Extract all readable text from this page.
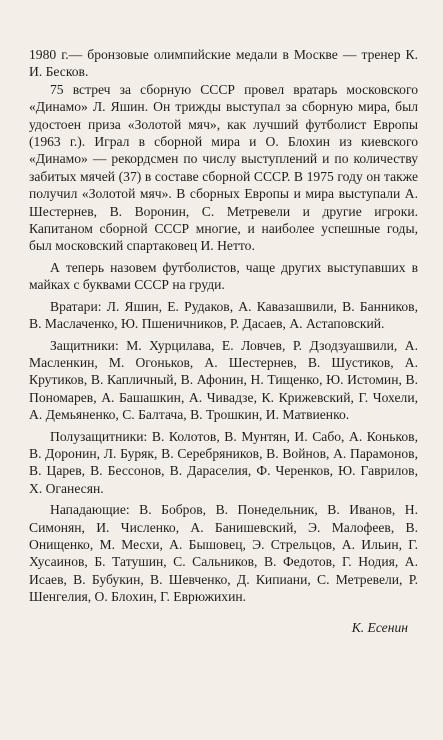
1980 г.— бронзовые олимпийские медали в Москве — тренер К. И. Бесков.

75 встреч за сборную СССР провел вратарь московского «Динамо» Л. Яшин. Он трижды выступал за сборную мира, был удостоен приза «Золотой мяч», как лучший футболист Европы (1963 г.). Играл в сборной мира и О. Блохин из киевского «Динамо» — рекордсмен по числу выступлений и по количеству забитых мячей (37) в составе сборной СССР. В 1975 году он также получил «Золотой мяч». В сборных Европы и мира выступали А. Шестернев, В. Воронин, С. Метревели и другие игроки. Капитаном сборной СССР многие, и наиболее успешные годы, был московский спартаковец И. Нетто.

А теперь назовем футболистов, чаще других выступавших в майках с буквами СССР на груди.

Вратари: Л. Яшин, Е. Рудаков, А. Кавазашвили, В. Банников, В. Маслаченко, Ю. Пшеничников, Р. Дасаев, А. Астаповский.

Защитники: М. Хурцилава, Е. Ловчев, Р. Дзодзуашвили, А. Масленкин, М. Огоньков, А. Шестернев, В. Шустиков, А. Крутиков, В. Капличный, В. Афонин, Н. Тищенко, Ю. Истомин, В. Пономарев, А. Башашкин, А. Чивадзе, К. Крижевский, Г. Чохели, А. Демьяненко, С. Балтача, В. Трошкин, И. Матвиенко.

Полузащитники: В. Колотов, В. Мунтян, И. Сабо, А. Коньков, В. Доронин, Л. Буряк, В. Серебряников, В. Войнов, А. Парамонов, В. Царев, В. Бессонов, В. Дараселия, Ф. Черенков, Ю. Гаврилов, Х. Оганесян.

Нападающие: В. Бобров, В. Понедельник, В. Иванов, Н. Симонян, И. Численко, А. Банишевский, Э. Малофеев, В. Онищенко, М. Месхи, А. Бышовец, Э. Стрельцов, А. Ильин, Г. Хусаинов, Б. Татушин, С. Сальников, В. Федотов, Г. Нодия, А. Исаев, В. Бубукин, В. Шевченко, Д. Кипиани, С. Метревели, Р. Шенгелия, О. Блохин, Г. Еврюжихин.

К. Есенин
